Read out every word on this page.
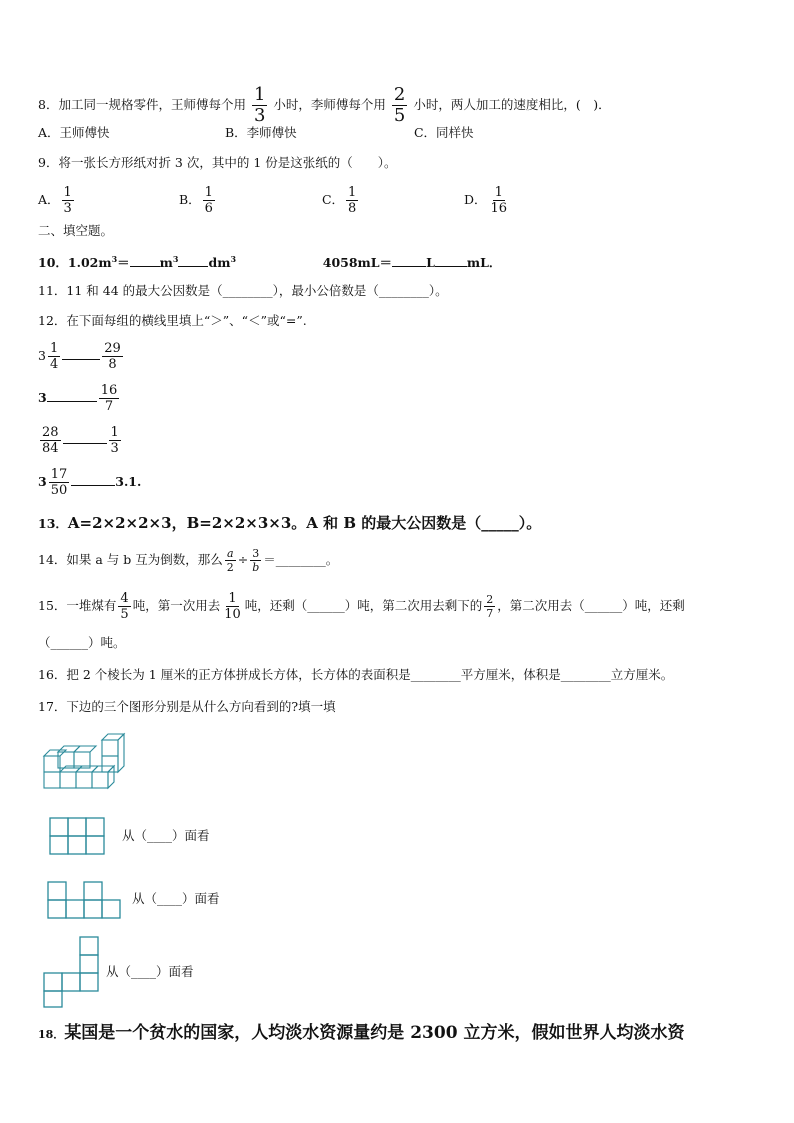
8．加工同一规格零件，王师傅每个用 $\frac{1}{3}$ 小时，李师傅每个用 $\frac{2}{5}$ 小时，两人加工的速度相比，(　)．
A．王师傅快	B．李师傅快	C．同样快
9．将一张长方形纸对折 3 次，其中的 1 份是这张纸的（　　）。
A． $\frac{1}{3}$	B． $\frac{1}{6}$	C． $\frac{1}{8}$	D． $\frac{1}{16}$
二、填空题。
10．$1.02m^3= m^3$ $dm^3$	4058mL＝	L	mL．
11．11 和 44 的最大公因数是（________），最小公倍数是（________）。
12．在下面每组的横线里填上“＞”、“＜”或“=”.
$3 \frac{1}{4}$	$\frac{29}{8}$
3	$\frac{16}{7}$
$\frac{28}{84}$	$\frac{1}{3}$
$3 \frac{17}{50}$	3.1.
13．A=2×2×2×3，B=2×2×3×3。A 和 B 的最大公因数是（_____）。
14．如果 a 与 b 互为倒数，那么 $\frac{a}{2} \div \frac{3}{b}$ ＝________。
15．一堆煤有 $\frac{4}{5}$ 吨，第一次用去 $\frac{1}{10}$ 吨，还剩（______）吨，第二次用去剩下的 $\frac{2}{7}$ ，第二次用去（______）吨，还剩
（______）吨。
16．把 2 个棱长为 1 厘米的正方体拼成长方体，长方体的表面积是________平方厘米，体积是________立方厘米。
17．下边的三个图形分别是从什么方向看到的?填一填
从（____）面看
从（____）面看
从（____）面看
18．某国是一个贫水的国家，人均淡水资源量约是 2300 立方米，假如世界人均淡水资
